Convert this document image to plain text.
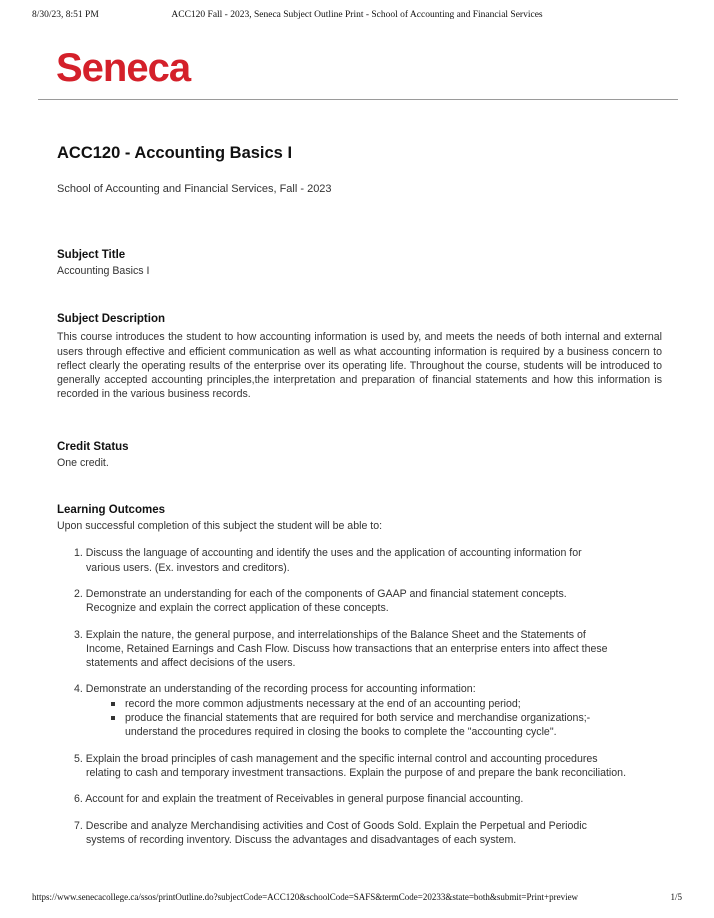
8/30/23, 8:51 PM	ACC120 Fall - 2023, Seneca Subject Outline Print - School of Accounting and Financial Services
Seneca
ACC120 - Accounting Basics I

School of Accounting and Financial Services, Fall - 2023

Subject Title

Accounting Basics I

Subject Description

This course introduces the student to how accounting information is used by, and meets the needs of both internal and external users through effective and efficient communication as well as what accounting information is required by a business concern to reflect clearly the operating results of the enterprise over its operating life. Throughout the course, students will be introduced to generally accepted accounting principles,the interpretation and preparation of financial statements and how this information is recorded in the various business records.

Credit Status

One credit.

Learning Outcomes

Upon successful completion of this subject the student will be able to:

1. Discuss the language of accounting and identify the uses and the application of accounting information for
various users. (Ex. investors and creditors).
2. Demonstrate an understanding for each of the components of GAAP and financial statement concepts.
Recognize and explain the correct application of these concepts.
3. Explain the nature, the general purpose, and interrelationships of the Balance Sheet and the Statements of
Income, Retained Earnings and Cash Flow. Discuss how transactions that an enterprise enters into affect these statements and affect decisions of the users.
4. Demonstrate an understanding of the recording process for accounting information:
record the more common adjustments necessary at the end of an accounting period;
produce the financial statements that are required for both service and merchandise organizations;- understand the procedures required in closing the books to complete the "accounting cycle".
5. Explain the broad principles of cash management and the specific internal control and accounting procedures
relating to cash and temporary investment transactions. Explain the purpose of and prepare the bank reconciliation.
6. Account for and explain the treatment of Receivables in general purpose financial accounting.
7. Describe and analyze Merchandising activities and Cost of Goods Sold. Explain the Perpetual and Periodic
systems of recording inventory. Discuss the advantages and disadvantages of each system.
https://www.senecacollege.ca/ssos/printOutline.do?subjectCode=ACC120&schoolCode=SAFS&termCode=20233&state=both&submit=Print+preview	1/5
